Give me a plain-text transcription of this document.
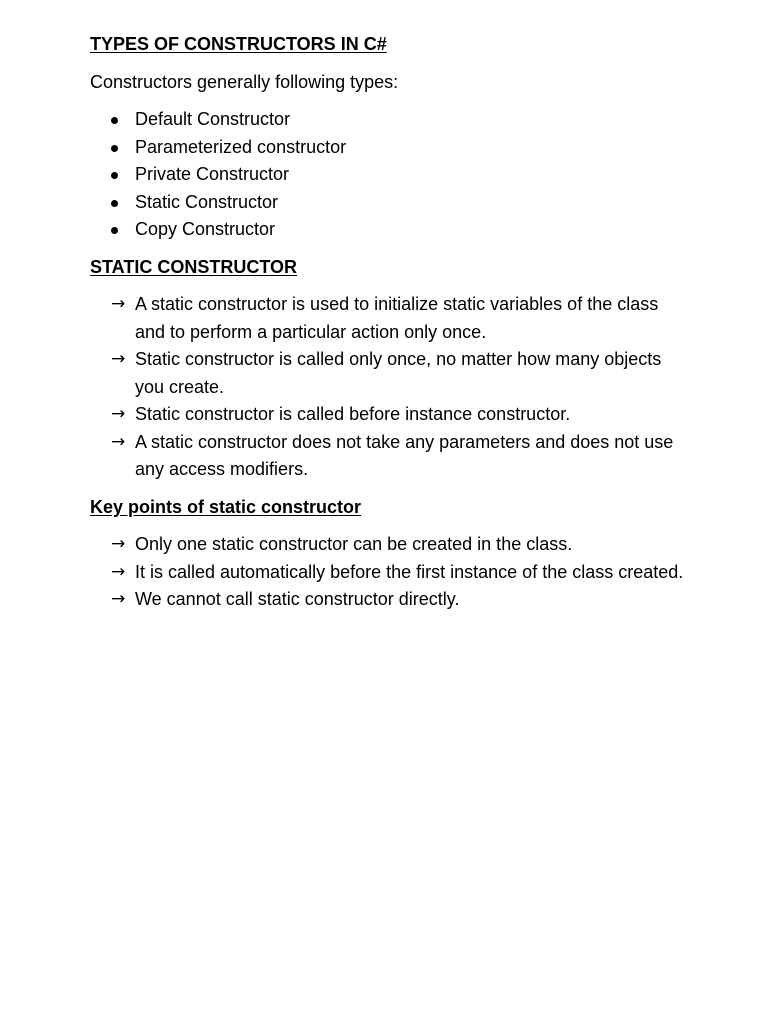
TYPES OF CONSTRUCTORS IN C#

Constructors generally following types:

Default Constructor
Parameterized constructor
Private Constructor
Static Constructor
Copy Constructor

STATIC CONSTRUCTOR

→ A static constructor is used to initialize static variables of the class and to perform a particular action only once.
→ Static constructor is called only once, no matter how many objects you create.
→ Static constructor is called before instance constructor.
→ A static constructor does not take any parameters and does not use any access modifiers.

Key points of static constructor

→ Only one static constructor can be created in the class.
→ It is called automatically before the first instance of the class created.
→ We cannot call static constructor directly.
